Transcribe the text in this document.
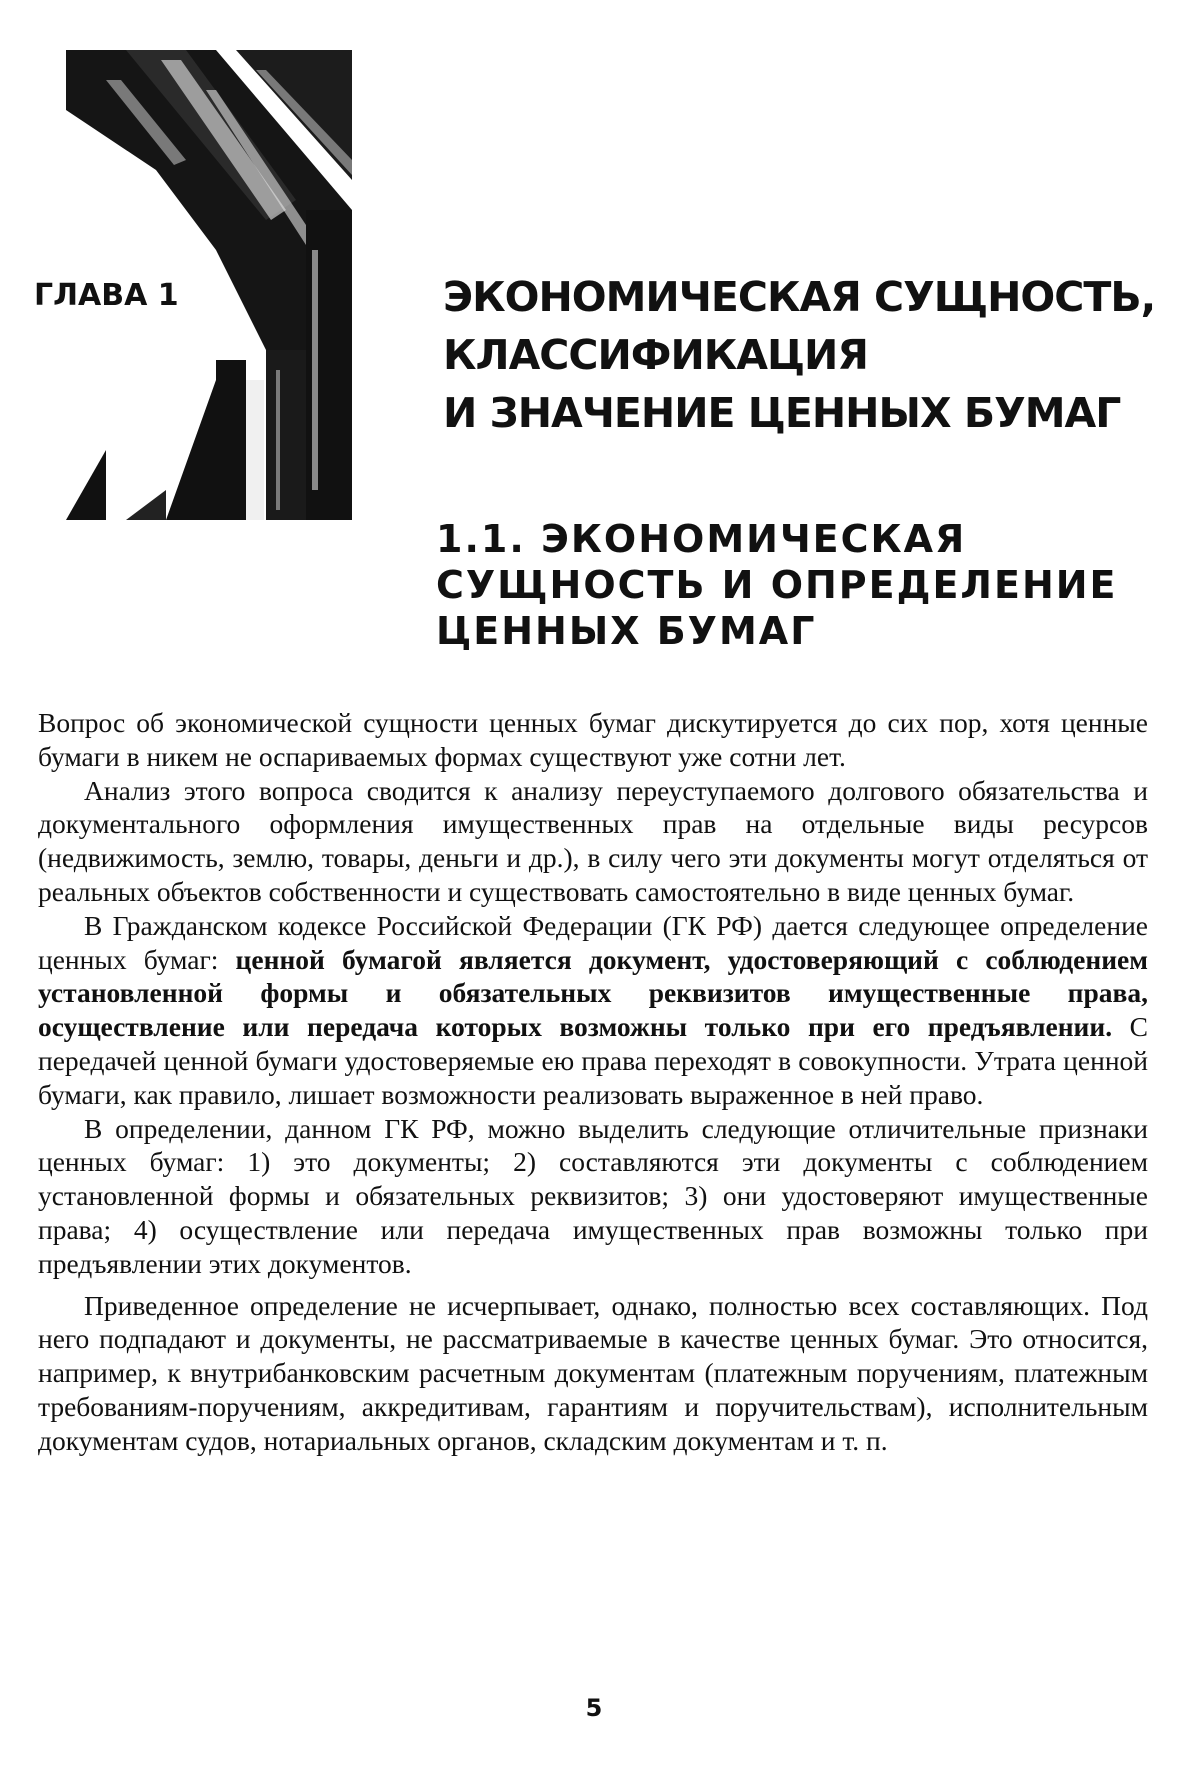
ГЛАВА 1	ЭКОНОМИЧЕСКАЯ СУЩНОСТЬ,
КЛАССИФИКАЦИЯ
И ЗНАЧЕНИЕ ЦЕННЫХ БУМАГ
1.1. ЭКОНОМИЧЕСКАЯ
СУЩНОСТЬ И ОПРЕДЕЛЕНИЕ
ЦЕННЫХ БУМАГ

Вопрос об экономической сущности ценных бумаг дискутируется до сих пор, хотя ценные бумаги в никем не оспариваемых формах существуют уже сотни лет.

Анализ этого вопроса сводится к анализу переуступаемого долгового обязательства и документального оформления имущественных прав на отдельные виды ресурсов (недвижимость, землю, товары, деньги и др.), в силу чего эти документы могут отделяться от реальных объектов собственности и существовать самостоятельно в виде ценных бумаг.

В Гражданском кодексе Российской Федерации (ГК РФ) дается следующее определение ценных бумаг: ценной бумагой является документ, удостоверяющий с соблюдением установленной формы и обязательных реквизитов имущественные права, осуществление или передача которых возможны только при его предъявлении. С передачей ценной бумаги удостоверяемые ею права переходят в совокупности. Утрата ценной бумаги, как правило, лишает возможности реализовать выраженное в ней право.

В определении, данном ГК РФ, можно выделить следующие отличительные признаки ценных бумаг: 1) это документы; 2) составляются эти документы с соблюдением установленной формы и обязательных реквизитов; 3) они удостоверяют имущественные права; 4) осуществление или передача имущественных прав возможны только при предъявлении этих документов.

Приведенное определение не исчерпывает, однако, полностью всех составляющих. Под него подпадают и документы, не рассматриваемые в качестве ценных бумаг. Это относится, например, к внутрибанковским расчетным документам (платежным поручениям, платежным требованиям-поручениям, аккредитивам, гарантиям и поручительствам), исполнительным документам судов, нотариальных органов, складским документам и т. п.

5
